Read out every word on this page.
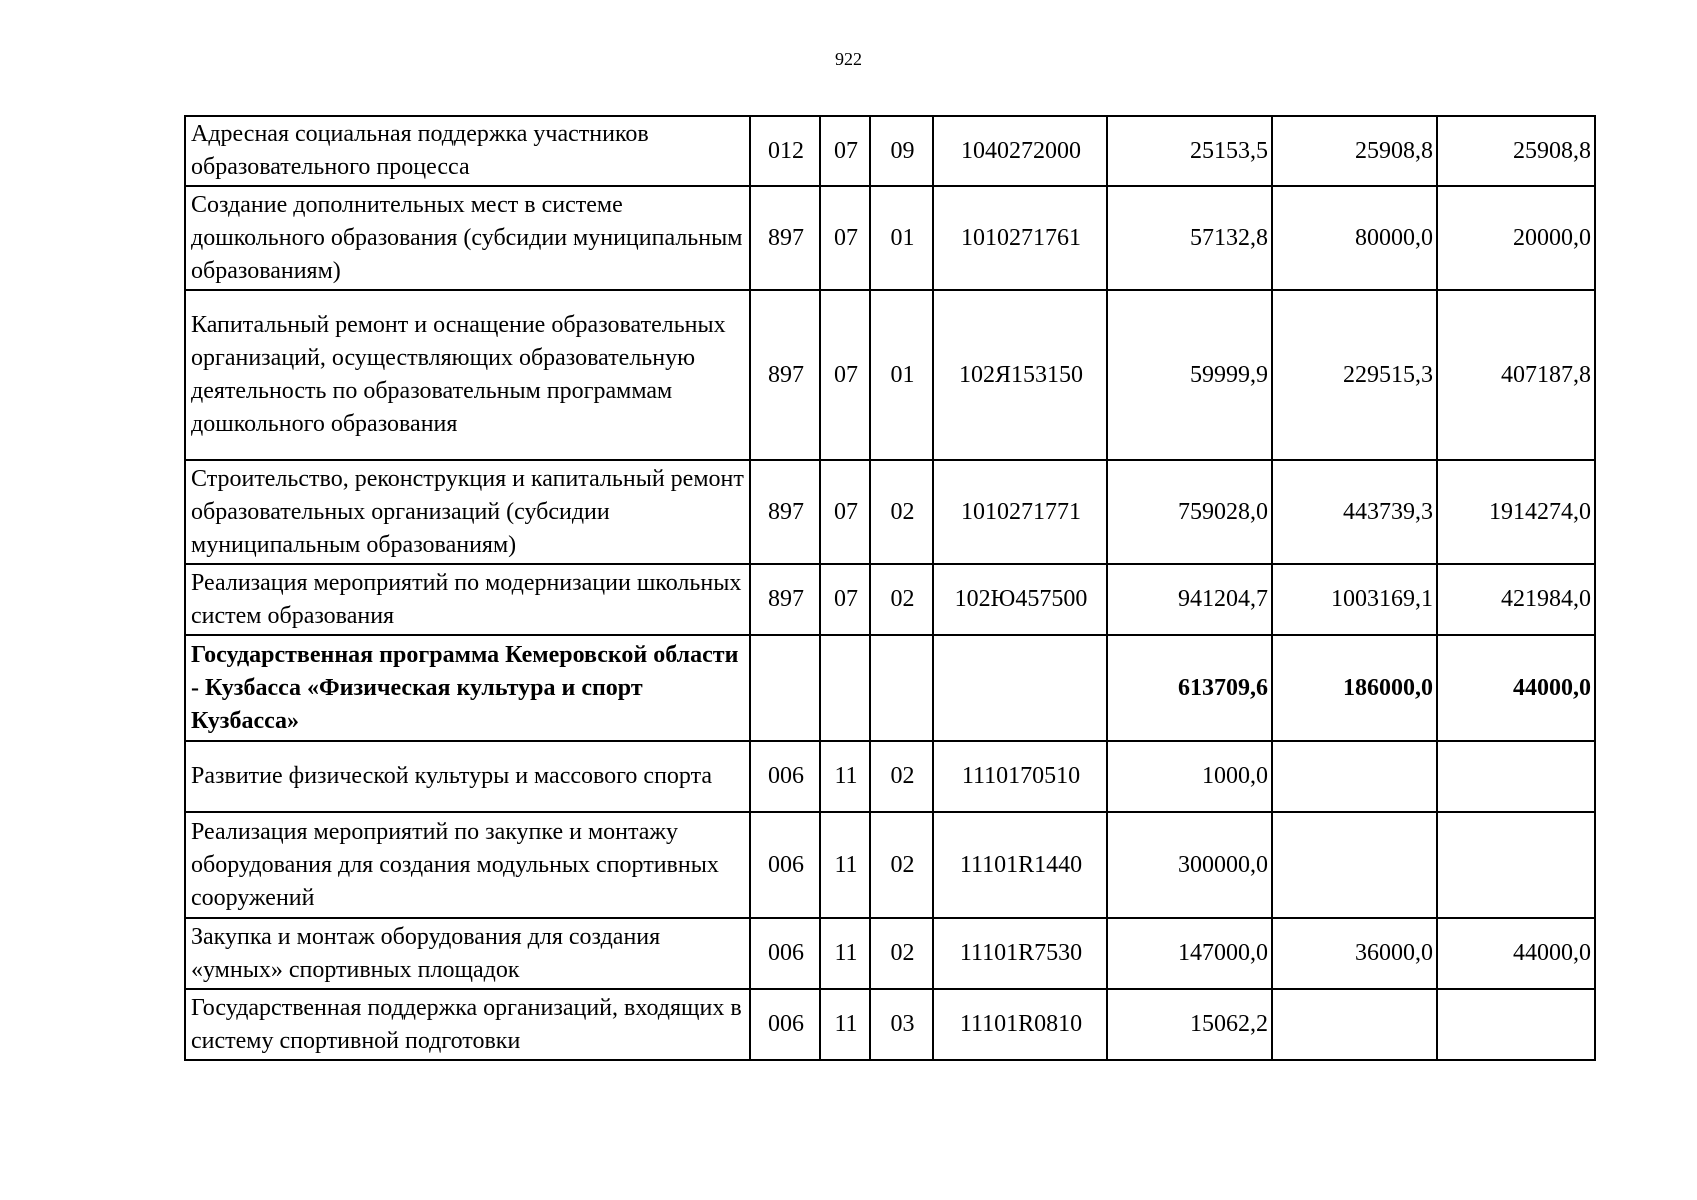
922
Адресная социальная поддержка участников образовательного процесса	012	07	09	1040272000	25153,5	25908,8	25908,8
Создание дополнительных мест в системе дошкольного образования (субсидии муниципальным образованиям)	897	07	01	1010271761	57132,8	80000,0	20000,0
Капитальный ремонт и оснащение образовательных организаций, осуществляющих образовательную деятельность по образовательным программам дошкольного образования	897	07	01	102Я153150	59999,9	229515,3	407187,8
Строительство, реконструкция и капитальный ремонт образовательных организаций (субсидии муниципальным образованиям)	897	07	02	1010271771	759028,0	443739,3	1914274,0
Реализация мероприятий по модернизации школьных систем образования	897	07	02	102Ю457500	941204,7	1003169,1	421984,0
Государственная программа Кемеровской области - Кузбасса «Физическая культура и спорт Кузбасса»					613709,6	186000,0	44000,0
Развитие физической культуры и массового спорта	006	11	02	1110170510	1000,0		
Реализация мероприятий по закупке и монтажу оборудования для создания модульных спортивных сооружений	006	11	02	11101R1440	300000,0		
Закупка и монтаж оборудования для создания «умных» спортивных площадок	006	11	02	11101R7530	147000,0	36000,0	44000,0
Государственная поддержка организаций, входящих в систему спортивной подготовки	006	11	03	11101R0810	15062,2		
